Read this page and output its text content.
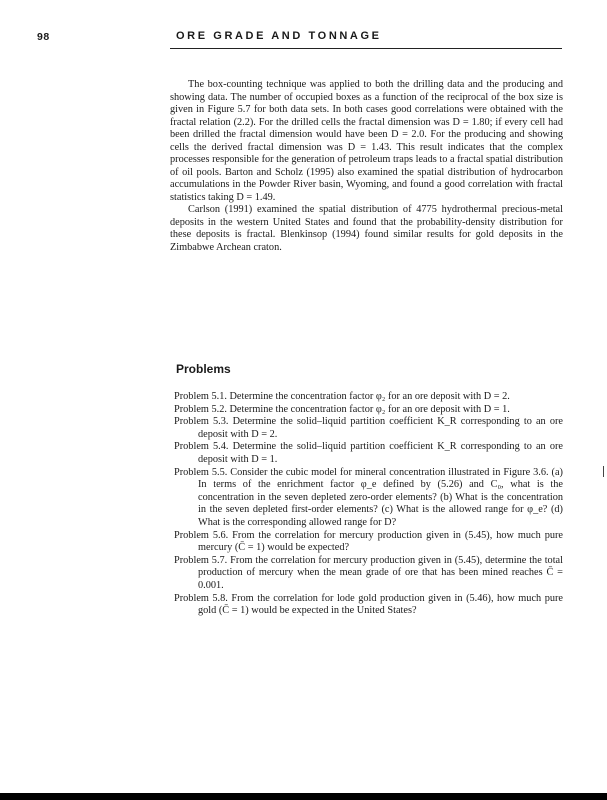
98	ORE GRADE AND TONNAGE

The box-counting technique was applied to both the drilling data and the producing and showing data. The number of occupied boxes as a function of the reciprocal of the box size is given in Figure 5.7 for both data sets. In both cases good correlations were obtained with the fractal relation (2.2). For the drilled cells the fractal dimension was D = 1.80; if every cell had been drilled the fractal dimension would have been D = 2.0. For the producing and showing cells the derived fractal dimension was D = 1.43. This result indicates that the complex processes responsible for the generation of petroleum traps leads to a fractal spatial distribution of oil pools. Barton and Scholz (1995) also examined the spatial distribution of hydrocarbon accumulations in the Powder River basin, Wyoming, and found a good correlation with fractal statistics taking D = 1.49.

Carlson (1991) examined the spatial distribution of 4775 hydrothermal precious-metal deposits in the western United States and found that the probability-density distribution for these deposits is fractal. Blenkinsop (1994) found similar results for gold deposits in the Zimbabwe Archean craton.

Problems
Problem 5.1. Determine the concentration factor φ₂ for an ore deposit with D = 2.
Problem 5.2. Determine the concentration factor φ₂ for an ore deposit with D = 1.
Problem 5.3. Determine the solid–liquid partition coefficient K_R corresponding to an ore deposit with D = 2.
Problem 5.4. Determine the solid–liquid partition coefficient K_R corresponding to an ore deposit with D = 1.
Problem 5.5. Consider the cubic model for mineral concentration illustrated in Figure 3.6. (a) In terms of the enrichment factor φ_e defined by (5.26) and C₀, what is the concentration in the seven depleted zero-order elements? (b) What is the concentration in the seven depleted first-order elements? (c) What is the allowed range for φ_e? (d) What is the corresponding allowed range for D?
Problem 5.6. From the correlation for mercury production given in (5.45), how much pure mercury (C̄ = 1) would be expected?
Problem 5.7. From the correlation for mercury production given in (5.45), determine the total production of mercury when the mean grade of ore that has been mined reaches C̄ = 0.001.
Problem 5.8. From the correlation for lode gold production given in (5.46), how much pure gold (C̄ = 1) would be expected in the United States?
